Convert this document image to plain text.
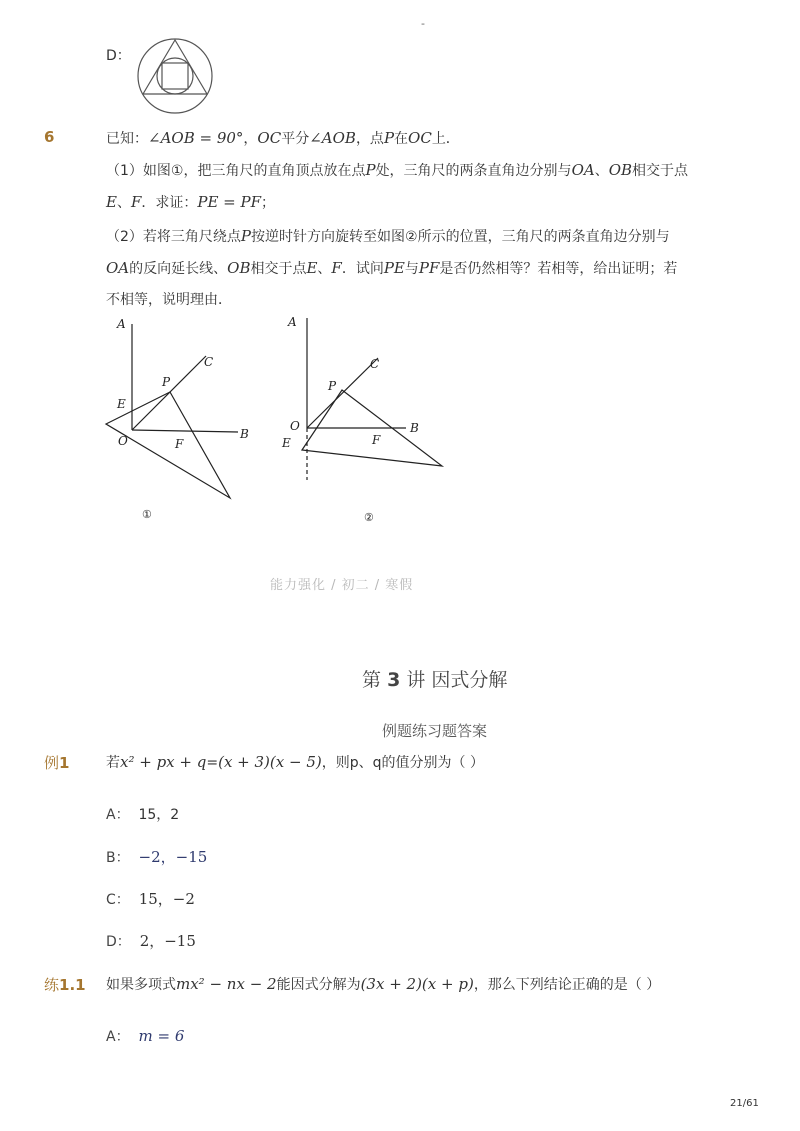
-
D：
6	已知：∠AOB = 90°，OC平分∠AOB，点P在OC上．
（1）如图①，把三角尺的直角顶点放在点P处，三角尺的两条直角边分别与OA、OB相交于点
E、F．求证：PE = PF；
（2）若将三角尺绕点P按逆时针方向旋转至如图②所示的位置，三角尺的两条直角边分别与
OA的反向延长线、OB相交于点E、F．试问PE与PF是否仍然相等？若相等，给出证明；若
不相等，说明理由．
A
C
P
E
O	F
B
①
A
C
P
O	B
E	F
②
能力强化 / 初二 / 寒假
第 3 讲 因式分解
例题练习题答案
例1	若x² + px + q=(x + 3)(x − 5)，则p、q的值分别为（ ）
A： 15，2
B： −2，−15
C： 15，−2
D： 2，−15
练1.1 如果多项式mx² − nx − 2能因式分解为(3x + 2)(x + p)，那么下列结论正确的是（ ）
A： m = 6
21/61
